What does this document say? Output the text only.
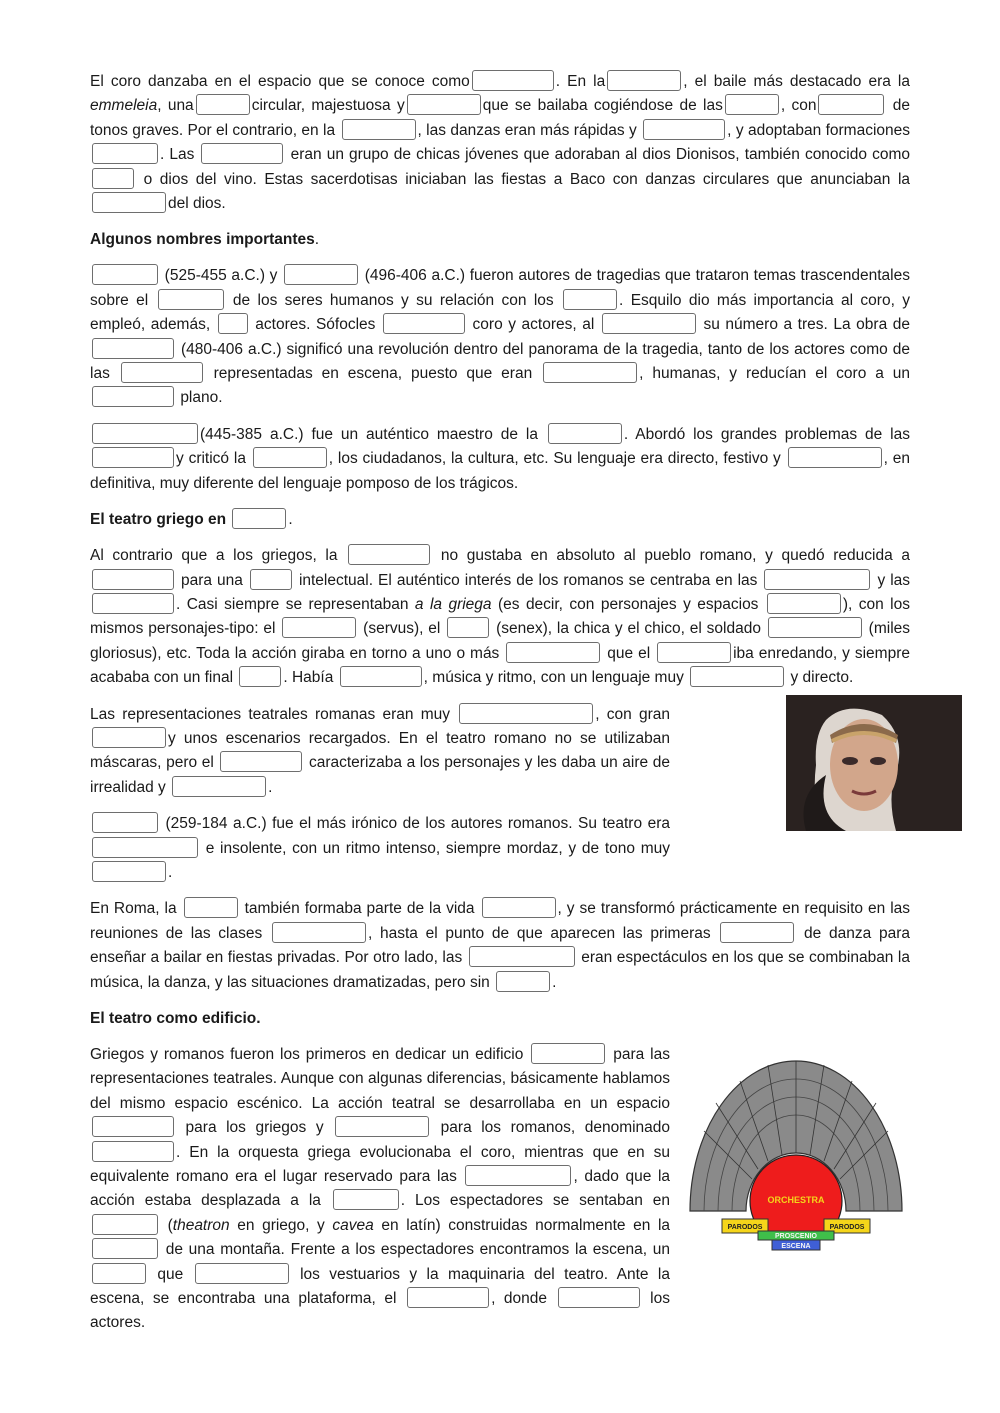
El coro danzaba en el espacio que se conoce como	. En la	, el baile más destacado era la emmeleia, una	circular, majestuosa y	que se bailaba cogiéndose de las	, con	de tonos graves. Por el contrario, en la	, las danzas eran más rápidas y	, y adoptaban formaciones . Las	eran un grupo de chicas jóvenes que adoraban al dios Dionisos, también conocido como  o dios del vino. Estas sacerdotisas iniciaban las fiestas a Baco con danzas circulares que anunciaban la del dios.

Algunos nombres importantes.

(525-455 a.C.) y	(496-406 a.C.) fueron autores de tragedias que trataron temas trascendentales sobre el	de los seres humanos y su relación con los	. Esquilo dio más importancia al coro, y empleó, además,	actores. Sófocles	coro y actores, al	su número a tres. La obra de  (480-406 a.C.) significó una revolución dentro del panorama de la tragedia, tanto de los actores como de las	representadas en escena, puesto que eran	, humanas, y reducían el coro a un  plano.

(445-385 a.C.) fue un auténtico maestro de la	. Abordó los grandes problemas de las y criticó la	, los ciudadanos, la cultura, etc. Su lenguaje era directo, festivo y	, en definitiva, muy diferente del lenguaje pomposo de los trágicos.

El teatro griego en	.

Al contrario que a los griegos, la	no gustaba en absoluto al pueblo romano, y quedó reducida a  para una	intelectual. El auténtico interés de los romanos se centraba en las	y las . Casi siempre se representaban a la griega (es decir, con personajes y espacios	), con los mismos personajes-tipo: el	(servus), el	(senex), la chica y el chico, el soldado	(miles gloriosus), etc. Toda la acción giraba en torno a uno o más	que el	iba enredando, y siempre acababa con un final	. Había	, música y ritmo, con un lenguaje muy	y directo.

Las representaciones teatrales romanas eran muy	, con gran y unos escenarios recargados. En el teatro romano no se utilizaban máscaras, pero el	caracterizaba a los personajes y les daba un aire de irrealidad y	.

(259-184 a.C.) fue el más irónico de los autores romanos. Su teatro era  e insolente, con un ritmo intenso, siempre mordaz, y de tono muy .

En Roma, la	también formaba parte de la vida	, y se transformó prácticamente en requisito en las reuniones de las clases	, hasta el punto de que aparecen las primeras	de danza para enseñar a bailar en fiestas privadas. Por otro lado, las	eran espectáculos en los que se combinaban la música, la danza, y las situaciones dramatizadas, pero sin	.

El teatro como edificio.

ORCHESTRA
PARODOS	PARODOS
PROSCENIO
ESCENA

Griegos y romanos fueron los primeros en dedicar un edificio	para las representaciones teatrales. Aunque con algunas diferencias, básicamente hablamos del mismo espacio escénico. La acción teatral se desarrollaba en un espacio  para los griegos y	para los romanos, denominado . En la orquesta griega evolucionaba el coro, mientras que en su equivalente romano era el lugar reservado para las	, dado que la acción estaba desplazada a la	. Los espectadores se sentaban en  (theatron en griego, y cavea en latín) construidas normalmente en la  de una montaña. Frente a los espectadores encontramos la escena, un  que	los vestuarios y la maquinaria del teatro. Ante la escena, se encontraba una plataforma, el	, donde	los actores.
